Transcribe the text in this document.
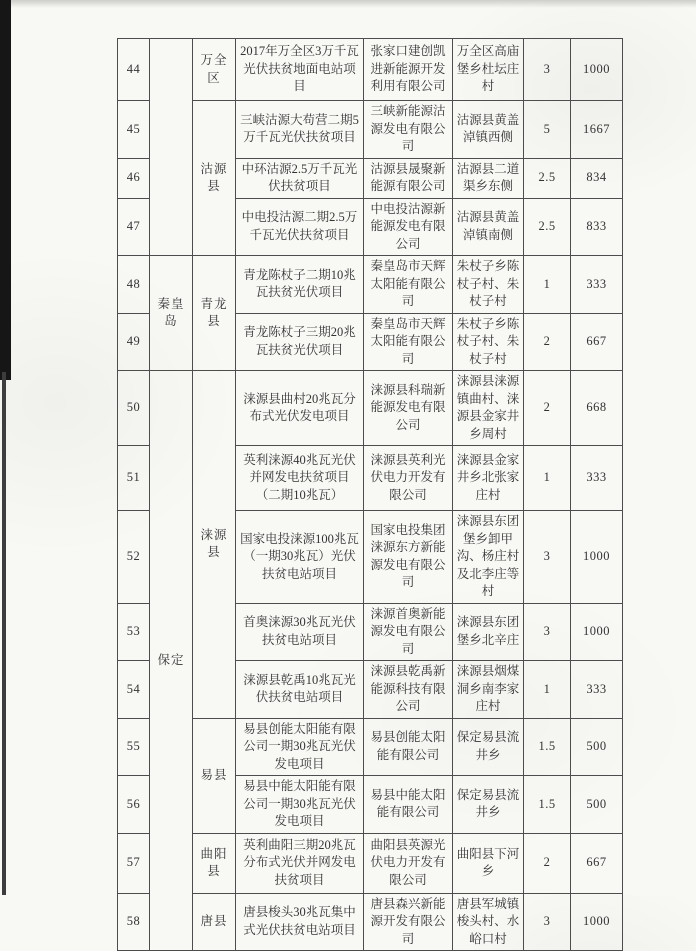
44		万全区	2017年万全区3万千瓦光伏扶贫地面电站项目	张家口建创凯进新能源开发利用有限公司	万全区高庙堡乡杜坛庄村	3	1000
45		沽源县	三峡沽源大苟营二期5万千瓦光伏扶贫项目	三峡新能源沽源发电有限公司	沽源县黄盖淖镇西侧	5	1667
46			中环沽源2.5万千瓦光伏扶贫项目	沽源县晟聚新能源有限公司	沽源县二道渠乡东侧	2.5	834
47			中电投沽源二期2.5万千瓦光伏扶贫项目	中电投沽源新能源发电有限公司	沽源县黄盖淖镇南侧	2.5	833
48	秦皇岛	青龙县	青龙陈杖子二期10兆瓦扶贫光伏项目	秦皇岛市天辉太阳能有限公司	朱杖子乡陈杖子村、朱杖子村	1	333
49			青龙陈杖子三期20兆瓦扶贫光伏项目	秦皇岛市天辉太阳能有限公司	朱杖子乡陈杖子村、朱杖子村	2	667
50	保定	涞源县	涞源县曲村20兆瓦分布式光伏发电项目	涞源县科瑞新能源发电有限公司	涞源县涞源镇曲村、涞源县金家井乡周村	2	668
51			英利涞源40兆瓦光伏并网发电扶贫项目（二期10兆瓦）	涞源县英利光伏电力开发有限公司	涞源县金家井乡北张家庄村	1	333
52			国家电投涞源100兆瓦（一期30兆瓦）光伏扶贫电站项目	国家电投集团涞源东方新能源发电有限公司	涞源县东团堡乡卸甲沟、杨庄村及北李庄等村	3	1000
53			首奥涞源30兆瓦光伏扶贫电站项目	涞源首奥新能源发电有限公司	涞源县东团堡乡北辛庄	3	1000
54			涞源县乾禹10兆瓦光伏扶贫电站项目	涞源县乾禹新能源科技有限公司	涞源县烟煤洞乡南李家庄村	1	333
55		易县	易县创能太阳能有限公司一期30兆瓦光伏发电项目	易县创能太阳能有限公司	保定易县流井乡	1.5	500
56			易县中能太阳能有限公司一期30兆瓦光伏发电项目	易县中能太阳能有限公司	保定易县流井乡	1.5	500
57		曲阳县	英利曲阳三期20兆瓦分布式光伏并网发电扶贫项目	曲阳县英源光伏电力开发有限公司	曲阳县下河乡	2	667
58		唐县	唐县梭头30兆瓦集中式光伏扶贫电站项目	唐县森兴新能源开发有限公司	唐县军城镇梭头村、水峪口村	3	1000
